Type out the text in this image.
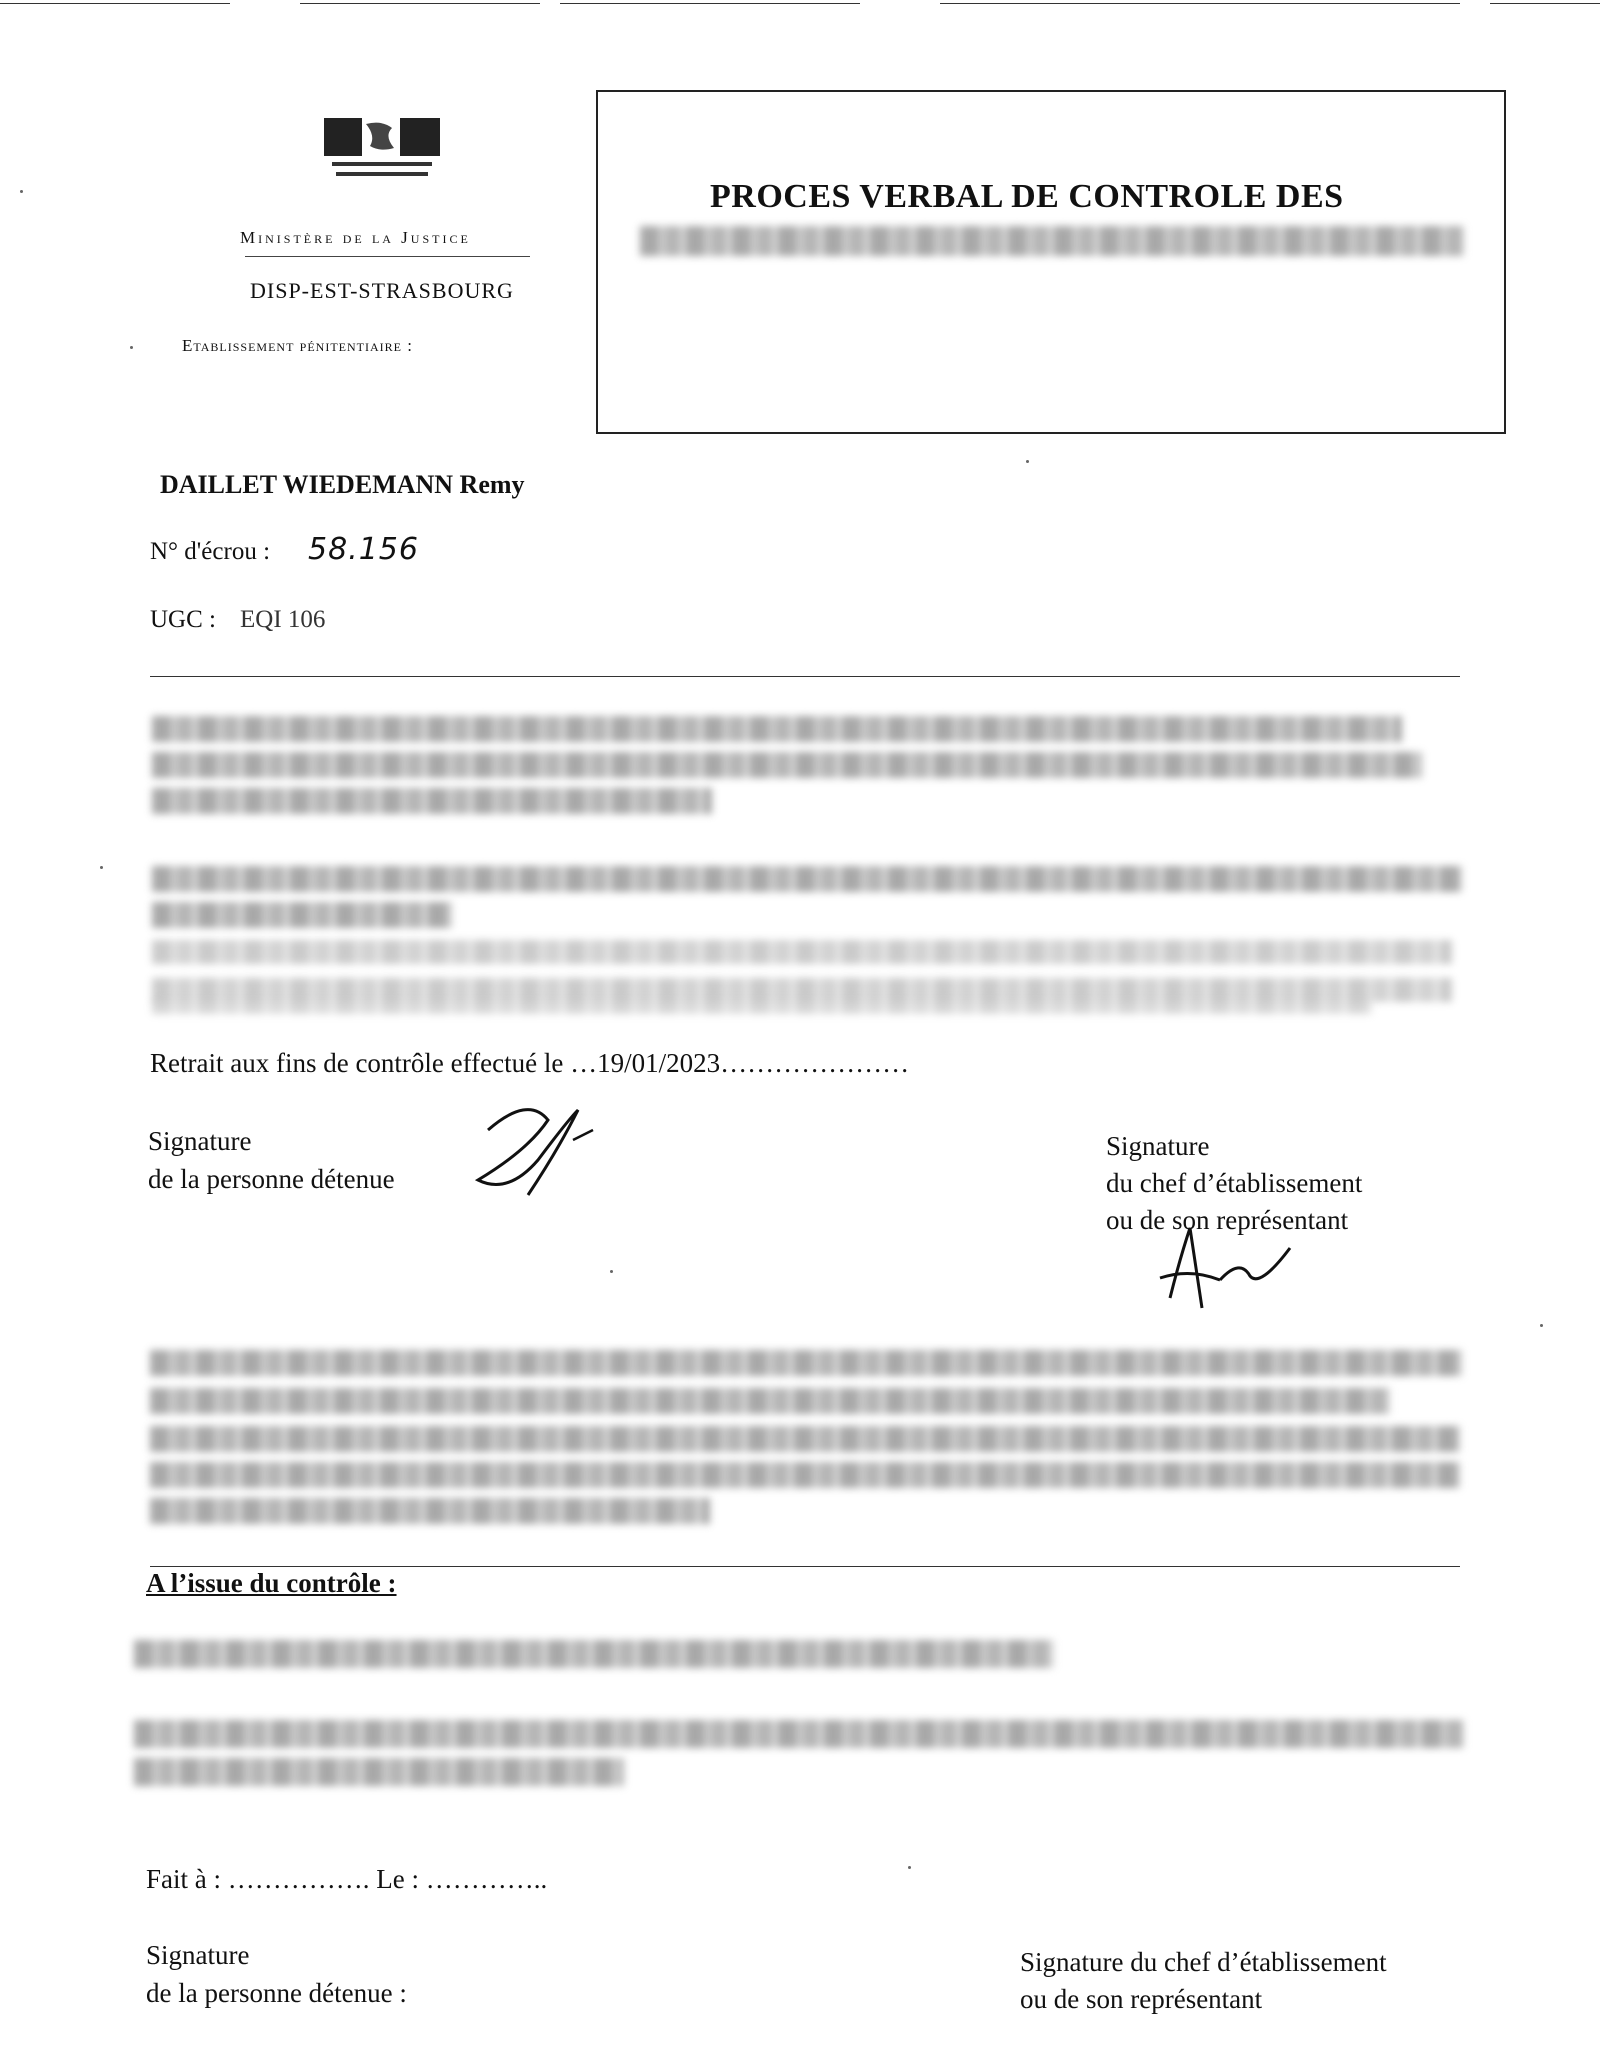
Ministère de la Justice
DISP-EST-STRASBOURG
Etablissement pénitentiaire :
PROCES VERBAL DE CONTROLE DES
DAILLET WIEDEMANN Remy
N° d'écrou : 58.156
UGC : EQI 106
Retrait aux fins de contrôle effectué le …19/01/2023…………………
Signature
de la personne détenue
Signature
du chef d’établissement
ou de son représentant
A l’issue du contrôle :
Fait à : ……………. Le : …………..
Signature
de la personne détenue :
Signature du chef d’établissement
ou de son représentant
